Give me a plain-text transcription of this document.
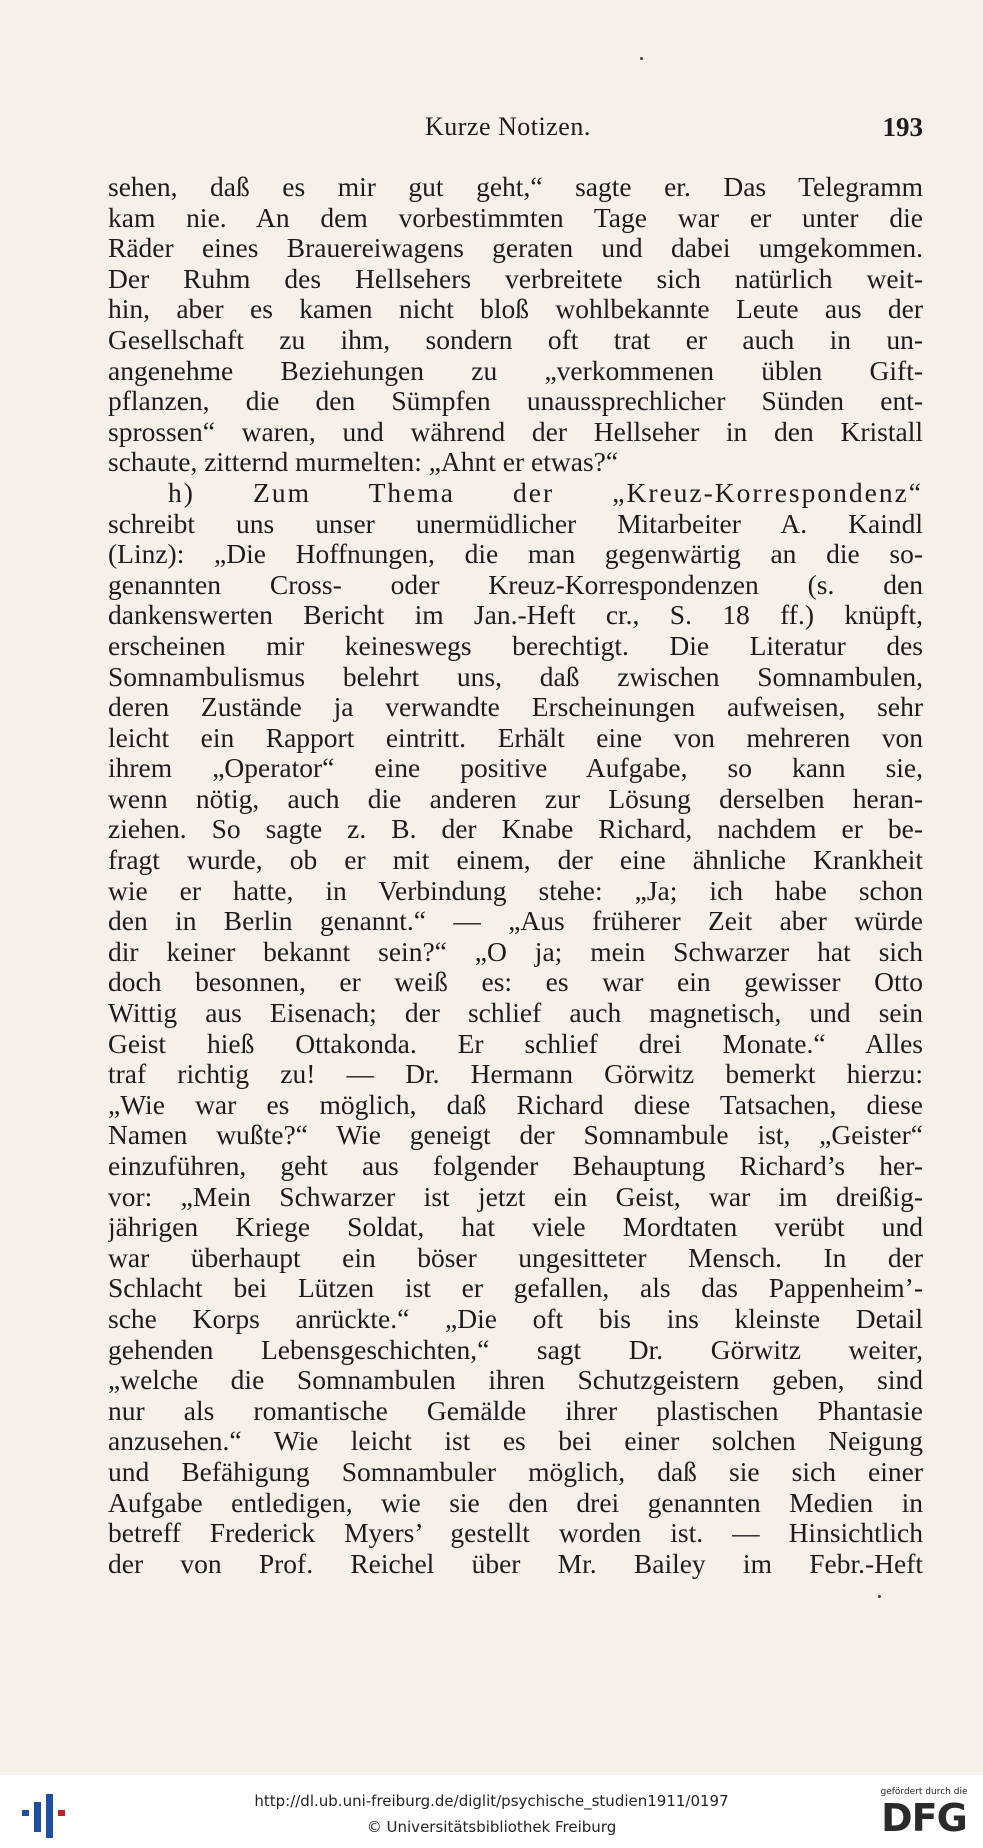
Kurze Notizen.	193
sehen, daß es mir gut geht,“ sagte er. Das Telegramm
kam nie. An dem vorbestimmten Tage war er unter die
Räder eines Brauereiwagens geraten und dabei umgekommen.
Der Ruhm des Hellsehers verbreitete sich natürlich weit-
hin, aber es kamen nicht bloß wohlbekannte Leute aus der
Gesellschaft zu ihm, sondern oft trat er auch in un-
angenehme Beziehungen zu „verkommenen üblen Gift-
pflanzen, die den Sümpfen unaussprechlicher Sünden ent-
sprossen“ waren, und während der Hellseher in den Kristall
schaute, zitternd murmelten: „Ahnt er etwas?“
h) Zum Thema der „Kreuz-Korrespondenz“
schreibt uns unser unermüdlicher Mitarbeiter A. Kaindl
(Linz): „Die Hoffnungen, die man gegenwärtig an die so-
genannten Cross- oder Kreuz-Korrespondenzen (s. den
dankenswerten Bericht im Jan.-Heft cr., S. 18 ff.) knüpft,
erscheinen mir keineswegs berechtigt. Die Literatur des
Somnambulismus belehrt uns, daß zwischen Somnambulen,
deren Zustände ja verwandte Erscheinungen aufweisen, sehr
leicht ein Rapport eintritt. Erhält eine von mehreren von
ihrem „Operator“ eine positive Aufgabe, so kann sie,
wenn nötig, auch die anderen zur Lösung derselben heran-
ziehen. So sagte z. B. der Knabe Richard, nachdem er be-
fragt wurde, ob er mit einem, der eine ähnliche Krankheit
wie er hatte, in Verbindung stehe: „Ja; ich habe schon
den in Berlin genannt.“ — „Aus früherer Zeit aber würde
dir keiner bekannt sein?“ „O ja; mein Schwarzer hat sich
doch besonnen, er weiß es: es war ein gewisser Otto
Wittig aus Eisenach; der schlief auch magnetisch, und sein
Geist hieß Ottakonda. Er schlief drei Monate.“ Alles
traf richtig zu! — Dr. Hermann Görwitz bemerkt hierzu:
„Wie war es möglich, daß Richard diese Tatsachen, diese
Namen wußte?“ Wie geneigt der Somnambule ist, „Geister“
einzuführen, geht aus folgender Behauptung Richard’s her-
vor: „Mein Schwarzer ist jetzt ein Geist, war im dreißig-
jährigen Kriege Soldat, hat viele Mordtaten verübt und
war überhaupt ein böser ungesitteter Mensch. In der
Schlacht bei Lützen ist er gefallen, als das Pappenheim’-
sche Korps anrückte.“ „Die oft bis ins kleinste Detail
gehenden Lebensgeschichten,“ sagt Dr. Görwitz weiter,
„welche die Somnambulen ihren Schutzgeistern geben, sind
nur als romantische Gemälde ihrer plastischen Phantasie
anzusehen.“ Wie leicht ist es bei einer solchen Neigung
und Befähigung Somnambuler möglich, daß sie sich einer
Aufgabe entledigen, wie sie den drei genannten Medien in
betreff Frederick Myers’ gestellt worden ist. — Hinsichtlich
der von Prof. Reichel über Mr. Bailey im Febr.-Heft
http://dl.ub.uni-freiburg.de/diglit/psychische_studien1911/0197
© Universitätsbibliothek Freiburg
gefördert durch die
DFG
